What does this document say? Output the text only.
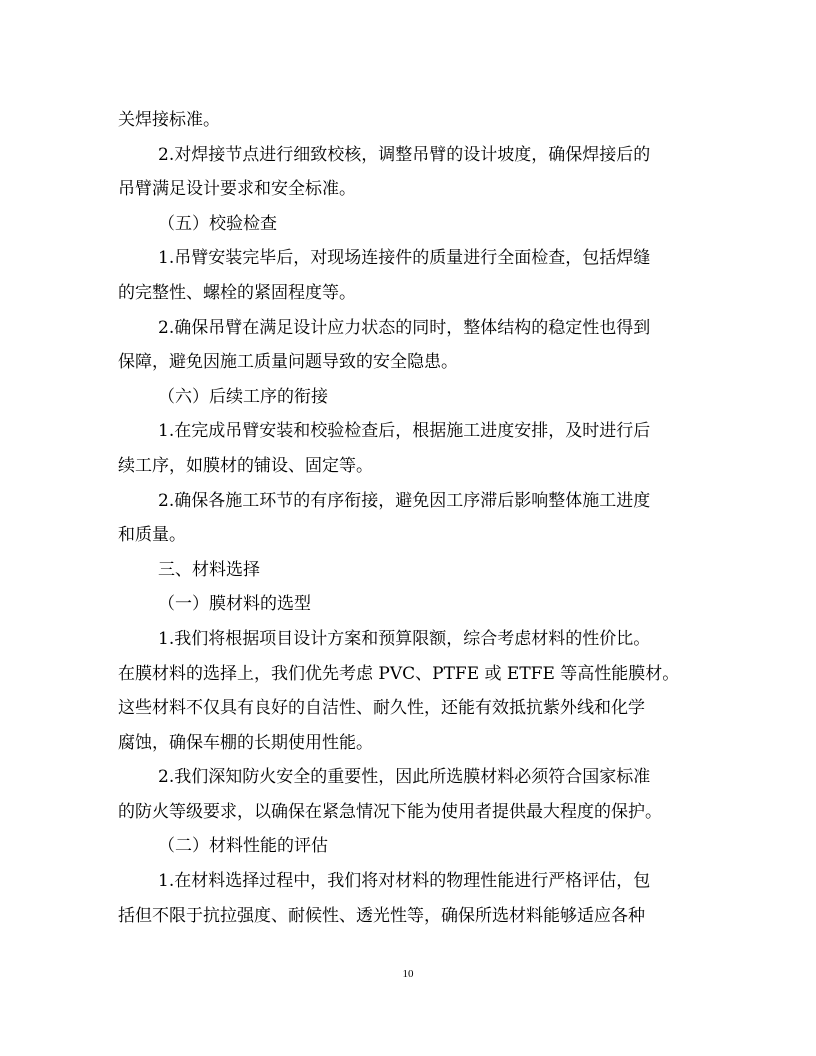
关焊接标准。
2.对焊接节点进行细致校核，调整吊臂的设计坡度，确保焊接后的
吊臂满足设计要求和安全标准。
（五）校验检查
1.吊臂安装完毕后，对现场连接件的质量进行全面检查，包括焊缝
的完整性、螺栓的紧固程度等。
2.确保吊臂在满足设计应力状态的同时，整体结构的稳定性也得到
保障，避免因施工质量问题导致的安全隐患。
（六）后续工序的衔接
1.在完成吊臂安装和校验检查后，根据施工进度安排，及时进行后
续工序，如膜材的铺设、固定等。
2.确保各施工环节的有序衔接，避免因工序滞后影响整体施工进度
和质量。
三、材料选择
（一）膜材料的选型
1.我们将根据项目设计方案和预算限额，综合考虑材料的性价比。
在膜材料的选择上，我们优先考虑 PVC、PTFE 或 ETFE 等高性能膜材。
这些材料不仅具有良好的自洁性、耐久性，还能有效抵抗紫外线和化学
腐蚀，确保车棚的长期使用性能。
2.我们深知防火安全的重要性，因此所选膜材料必须符合国家标准
的防火等级要求，以确保在紧急情况下能为使用者提供最大程度的保护。
（二）材料性能的评估
1.在材料选择过程中，我们将对材料的物理性能进行严格评估，包
括但不限于抗拉强度、耐候性、透光性等，确保所选材料能够适应各种
10
